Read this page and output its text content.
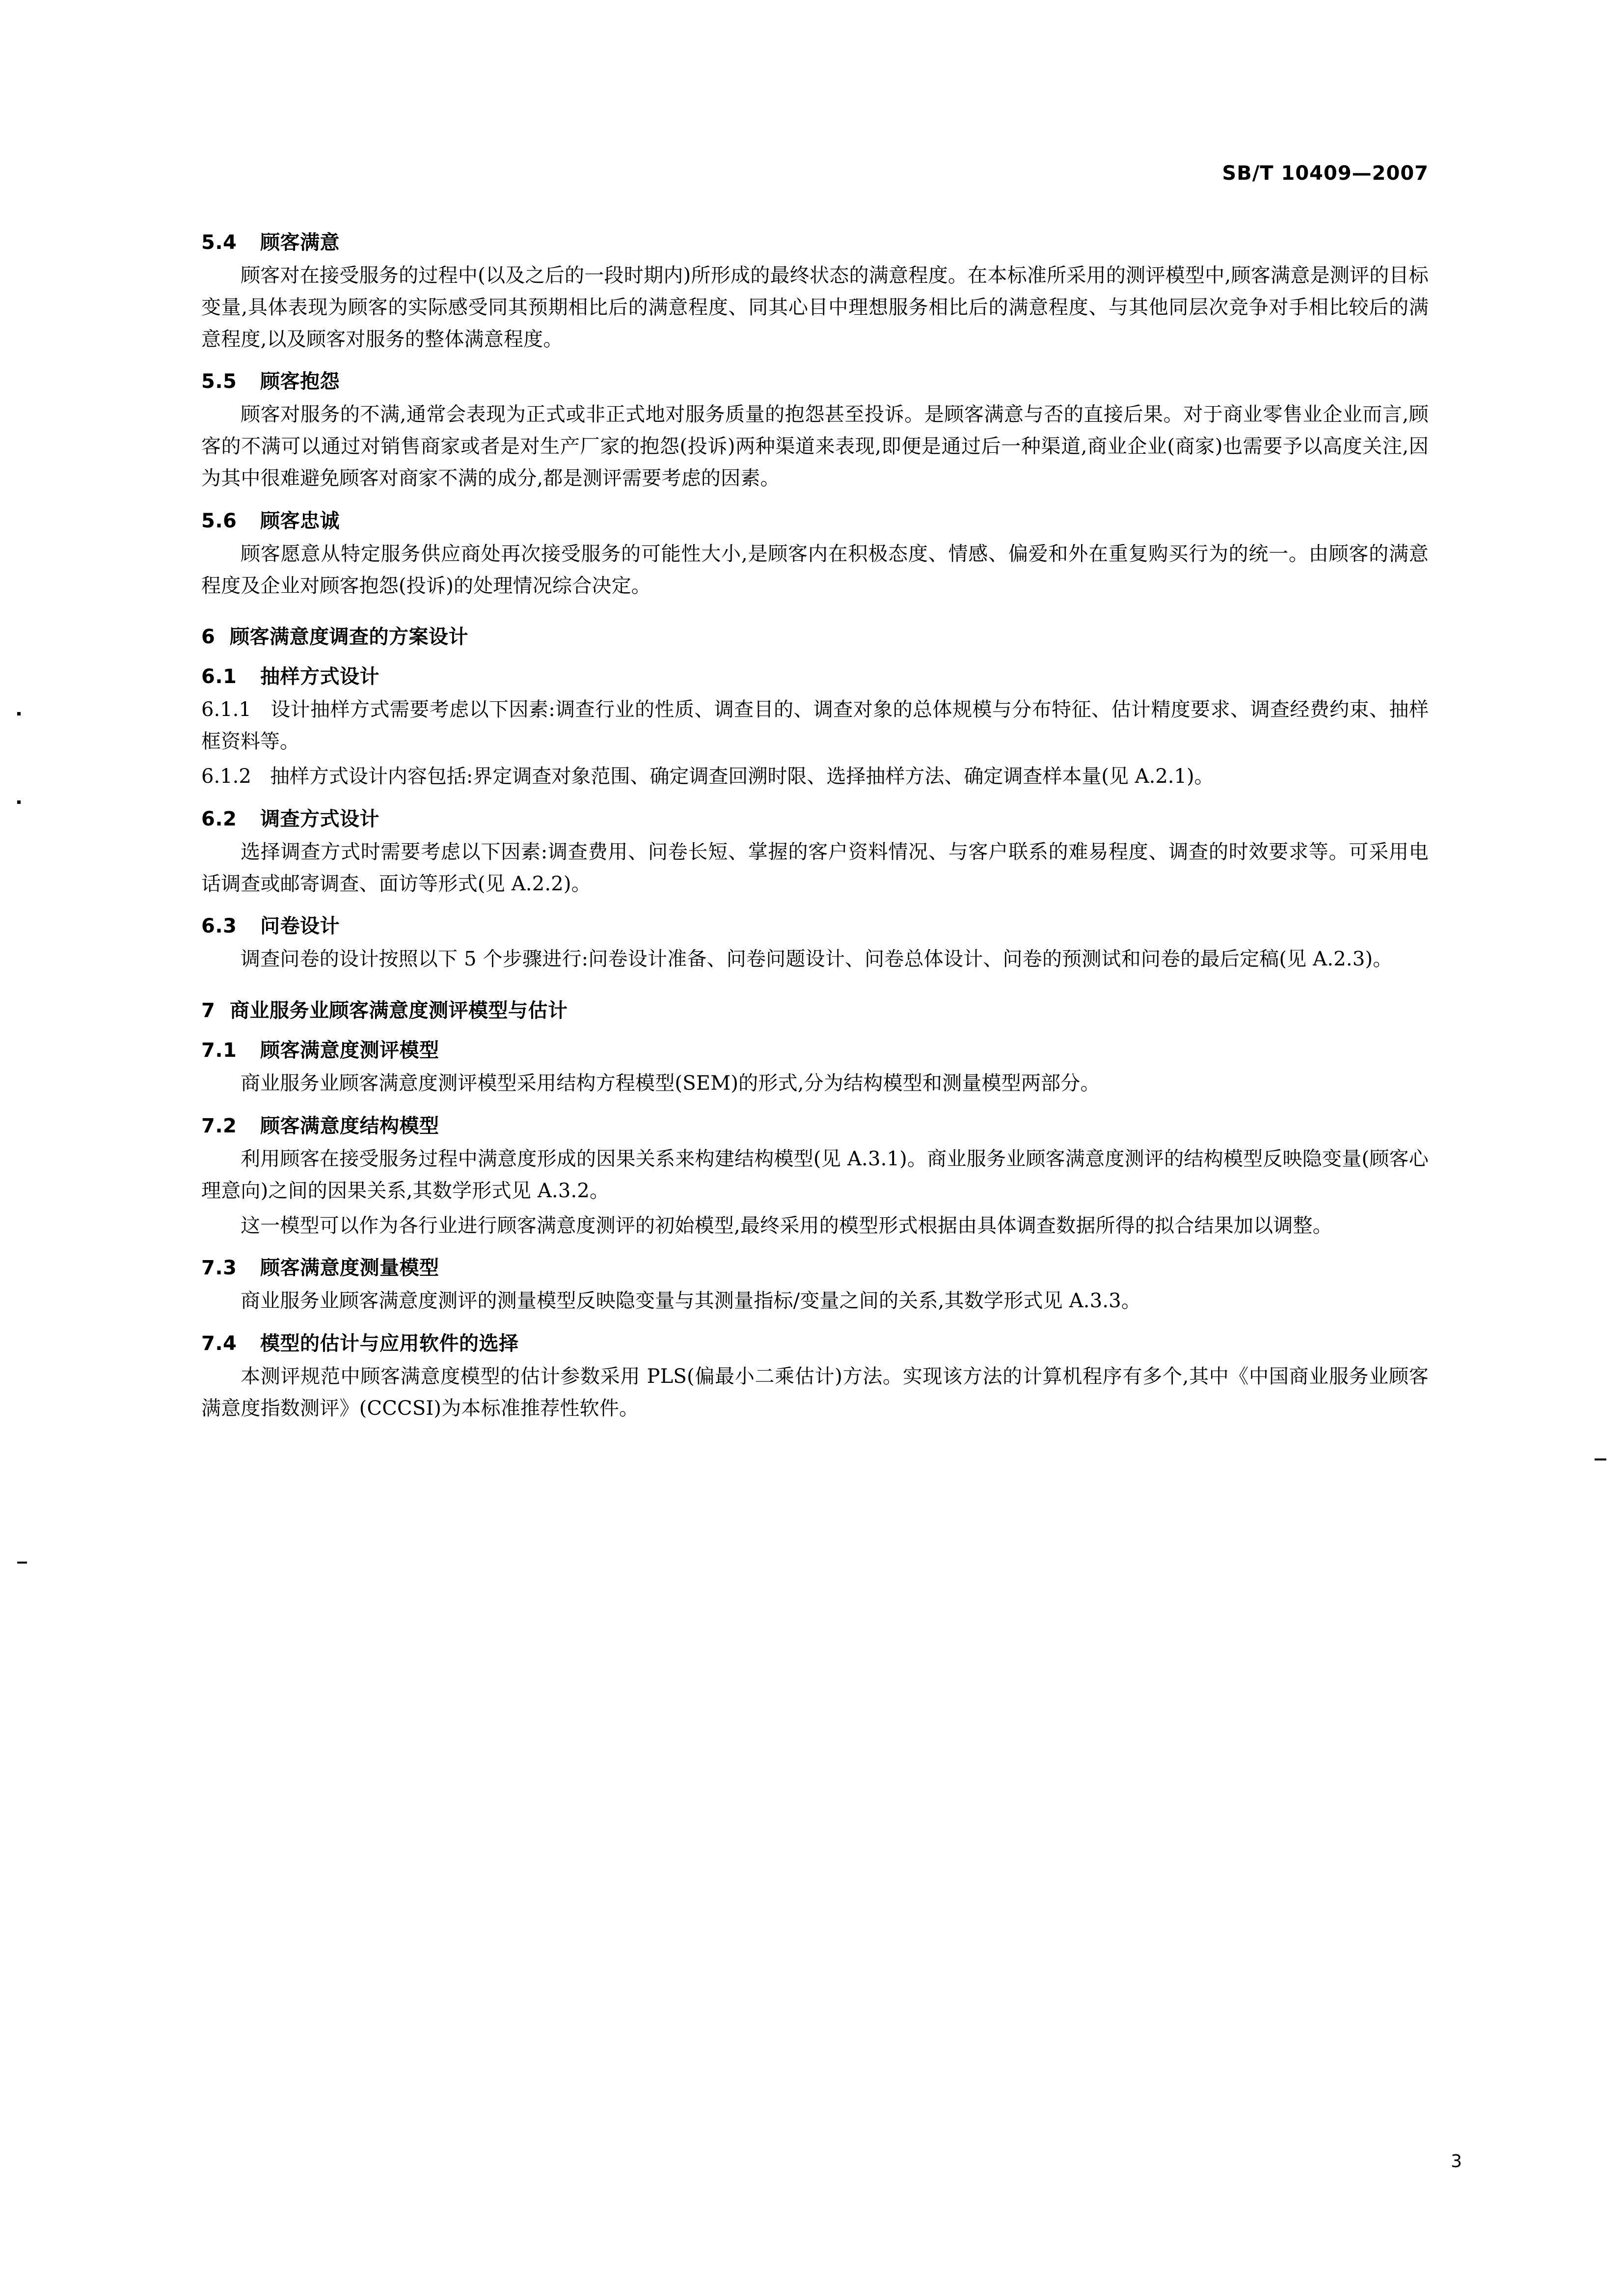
SB/T 10409—2007
5.4 顾客满意

顾客对在接受服务的过程中(以及之后的一段时期内)所形成的最终状态的满意程度。在本标准所采用的测评模型中,顾客满意是测评的目标变量,具体表现为顾客的实际感受同其预期相比后的满意程度、同其心目中理想服务相比后的满意程度、与其他同层次竞争对手相比较后的满意程度,以及顾客对服务的整体满意程度。

5.5 顾客抱怨

顾客对服务的不满,通常会表现为正式或非正式地对服务质量的抱怨甚至投诉。是顾客满意与否的直接后果。对于商业零售业企业而言,顾客的不满可以通过对销售商家或者是对生产厂家的抱怨(投诉)两种渠道来表现,即便是通过后一种渠道,商业企业(商家)也需要予以高度关注,因为其中很难避免顾客对商家不满的成分,都是测评需要考虑的因素。

5.6 顾客忠诚

顾客愿意从特定服务供应商处再次接受服务的可能性大小,是顾客内在积极态度、情感、偏爱和外在重复购买行为的统一。由顾客的满意程度及企业对顾客抱怨(投诉)的处理情况综合决定。

6 顾客满意度调查的方案设计
6.1 抽样方式设计

6.1.1 设计抽样方式需要考虑以下因素:调查行业的性质、调查目的、调查对象的总体规模与分布特征、估计精度要求、调查经费约束、抽样框资料等。

6.1.2 抽样方式设计内容包括:界定调查对象范围、确定调查回溯时限、选择抽样方法、确定调查样本量(见 A.2.1)。

6.2 调查方式设计

选择调查方式时需要考虑以下因素:调查费用、问卷长短、掌握的客户资料情况、与客户联系的难易程度、调查的时效要求等。可采用电话调查或邮寄调查、面访等形式(见 A.2.2)。

6.3 问卷设计

调查问卷的设计按照以下 5 个步骤进行:问卷设计准备、问卷问题设计、问卷总体设计、问卷的预测试和问卷的最后定稿(见 A.2.3)。

7 商业服务业顾客满意度测评模型与估计
7.1 顾客满意度测评模型

商业服务业顾客满意度测评模型采用结构方程模型(SEM)的形式,分为结构模型和测量模型两部分。

7.2 顾客满意度结构模型

利用顾客在接受服务过程中满意度形成的因果关系来构建结构模型(见 A.3.1)。商业服务业顾客满意度测评的结构模型反映隐变量(顾客心理意向)之间的因果关系,其数学形式见 A.3.2。

这一模型可以作为各行业进行顾客满意度测评的初始模型,最终采用的模型形式根据由具体调查数据所得的拟合结果加以调整。

7.3 顾客满意度测量模型

商业服务业顾客满意度测评的测量模型反映隐变量与其测量指标/变量之间的关系,其数学形式见 A.3.3。

7.4 模型的估计与应用软件的选择

本测评规范中顾客满意度模型的估计参数采用 PLS(偏最小二乘估计)方法。实现该方法的计算机程序有多个,其中《中国商业服务业顾客满意度指数测评》(CCCSI)为本标准推荐性软件。

3
